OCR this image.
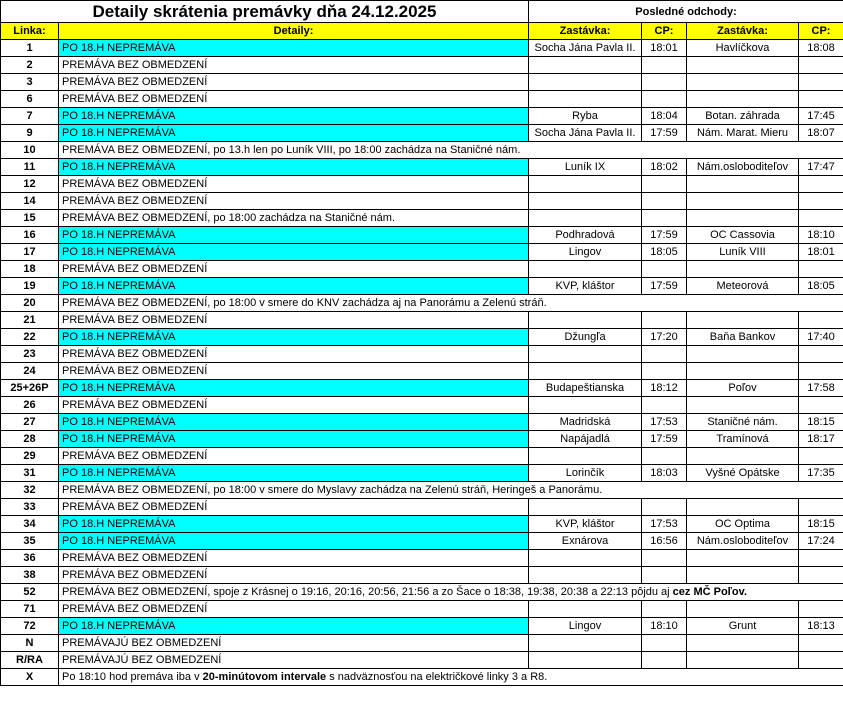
Detaily skrátenia premávky dňa 24.12.2025		Posledné odchody:			
Linka:	Detaily:	Zastávka:	CP:	Zastávka:	CP:
1	PO 18.H NEPREMÁVA	Socha Jána Pavla II.	18:01	Havlíčkova	18:08
2	PREMÁVA BEZ OBMEDZENÍ				
3	PREMÁVA BEZ OBMEDZENÍ				
6	PREMÁVA BEZ OBMEDZENÍ				
7	PO 18.H NEPREMÁVA	Ryba	18:04	Botan. záhrada	17:45
9	PO 18.H NEPREMÁVA	Socha Jána Pavla II.	17:59	Nám. Marat. Mieru	18:07
10	PREMÁVA BEZ OBMEDZENÍ, po 13.h len po Luník VIII, po 18:00 zachádza na Staničné nám.				
11	PO 18.H NEPREMÁVA	Luník IX	18:02	Nám.osloboditeľov	17:47
12	PREMÁVA BEZ OBMEDZENÍ				
14	PREMÁVA BEZ OBMEDZENÍ				
15	PREMÁVA BEZ OBMEDZENÍ, po 18:00 zachádza na Staničné nám.				
16	PO 18.H NEPREMÁVA	Podhradová	17:59	OC Cassovia	18:10
17	PO 18.H NEPREMÁVA	Lingov	18:05	Luník VIII	18:01
18	PREMÁVA BEZ OBMEDZENÍ				
19	PO 18.H NEPREMÁVA	KVP, kláštor	17:59	Meteorová	18:05
20	PREMÁVA BEZ OBMEDZENÍ, po 18:00 v smere do KNV zachádza aj na Panorámu a Zelenú stráň.				
21	PREMÁVA BEZ OBMEDZENÍ				
22	PO 18.H NEPREMÁVA	Džungľa	17:20	Baňa Bankov	17:40
23	PREMÁVA BEZ OBMEDZENÍ				
24	PREMÁVA BEZ OBMEDZENÍ				
25+26P	PO 18.H NEPREMÁVA	Budapeštianska	18:12	Poľov	17:58
26	PREMÁVA BEZ OBMEDZENÍ				
27	PO 18.H NEPREMÁVA	Madridská	17:53	Staničné nám.	18:15
28	PO 18.H NEPREMÁVA	Napájadlá	17:59	Tramínová	18:17
29	PREMÁVA BEZ OBMEDZENÍ				
31	PO 18.H NEPREMÁVA	Lorinčík	18:03	Vyšné Opátske	17:35
32	PREMÁVA BEZ OBMEDZENÍ, po 18:00 v smere do Myslavy zachádza na Zelenú stráň, Heringeš a Panorámu.				
33	PREMÁVA BEZ OBMEDZENÍ				
34	PO 18.H NEPREMÁVA	KVP, kláštor	17:53	OC Optima	18:15
35	PO 18.H NEPREMÁVA	Exnárova	16:56	Nám.osloboditeľov	17:24
36	PREMÁVA BEZ OBMEDZENÍ				
38	PREMÁVA BEZ OBMEDZENÍ				
52	PREMÁVA BEZ OBMEDZENÍ, spoje z Krásnej o 19:16, 20:16, 20:56, 21:56 a zo Šace o 18:38, 19:38, 20:38 a 22:13 pôjdu aj cez MČ Poľov.				
71	PREMÁVA BEZ OBMEDZENÍ				
72	PO 18.H NEPREMÁVA	Lingov	18:10	Grunt	18:13
N	PREMÁVAJÚ BEZ OBMEDZENÍ				
R/RA	PREMÁVAJÚ BEZ OBMEDZENÍ				
X	Po 18:10 hod premáva iba v 20-minútovom intervale s nadväznosťou na električkové linky 3 a R8.				
